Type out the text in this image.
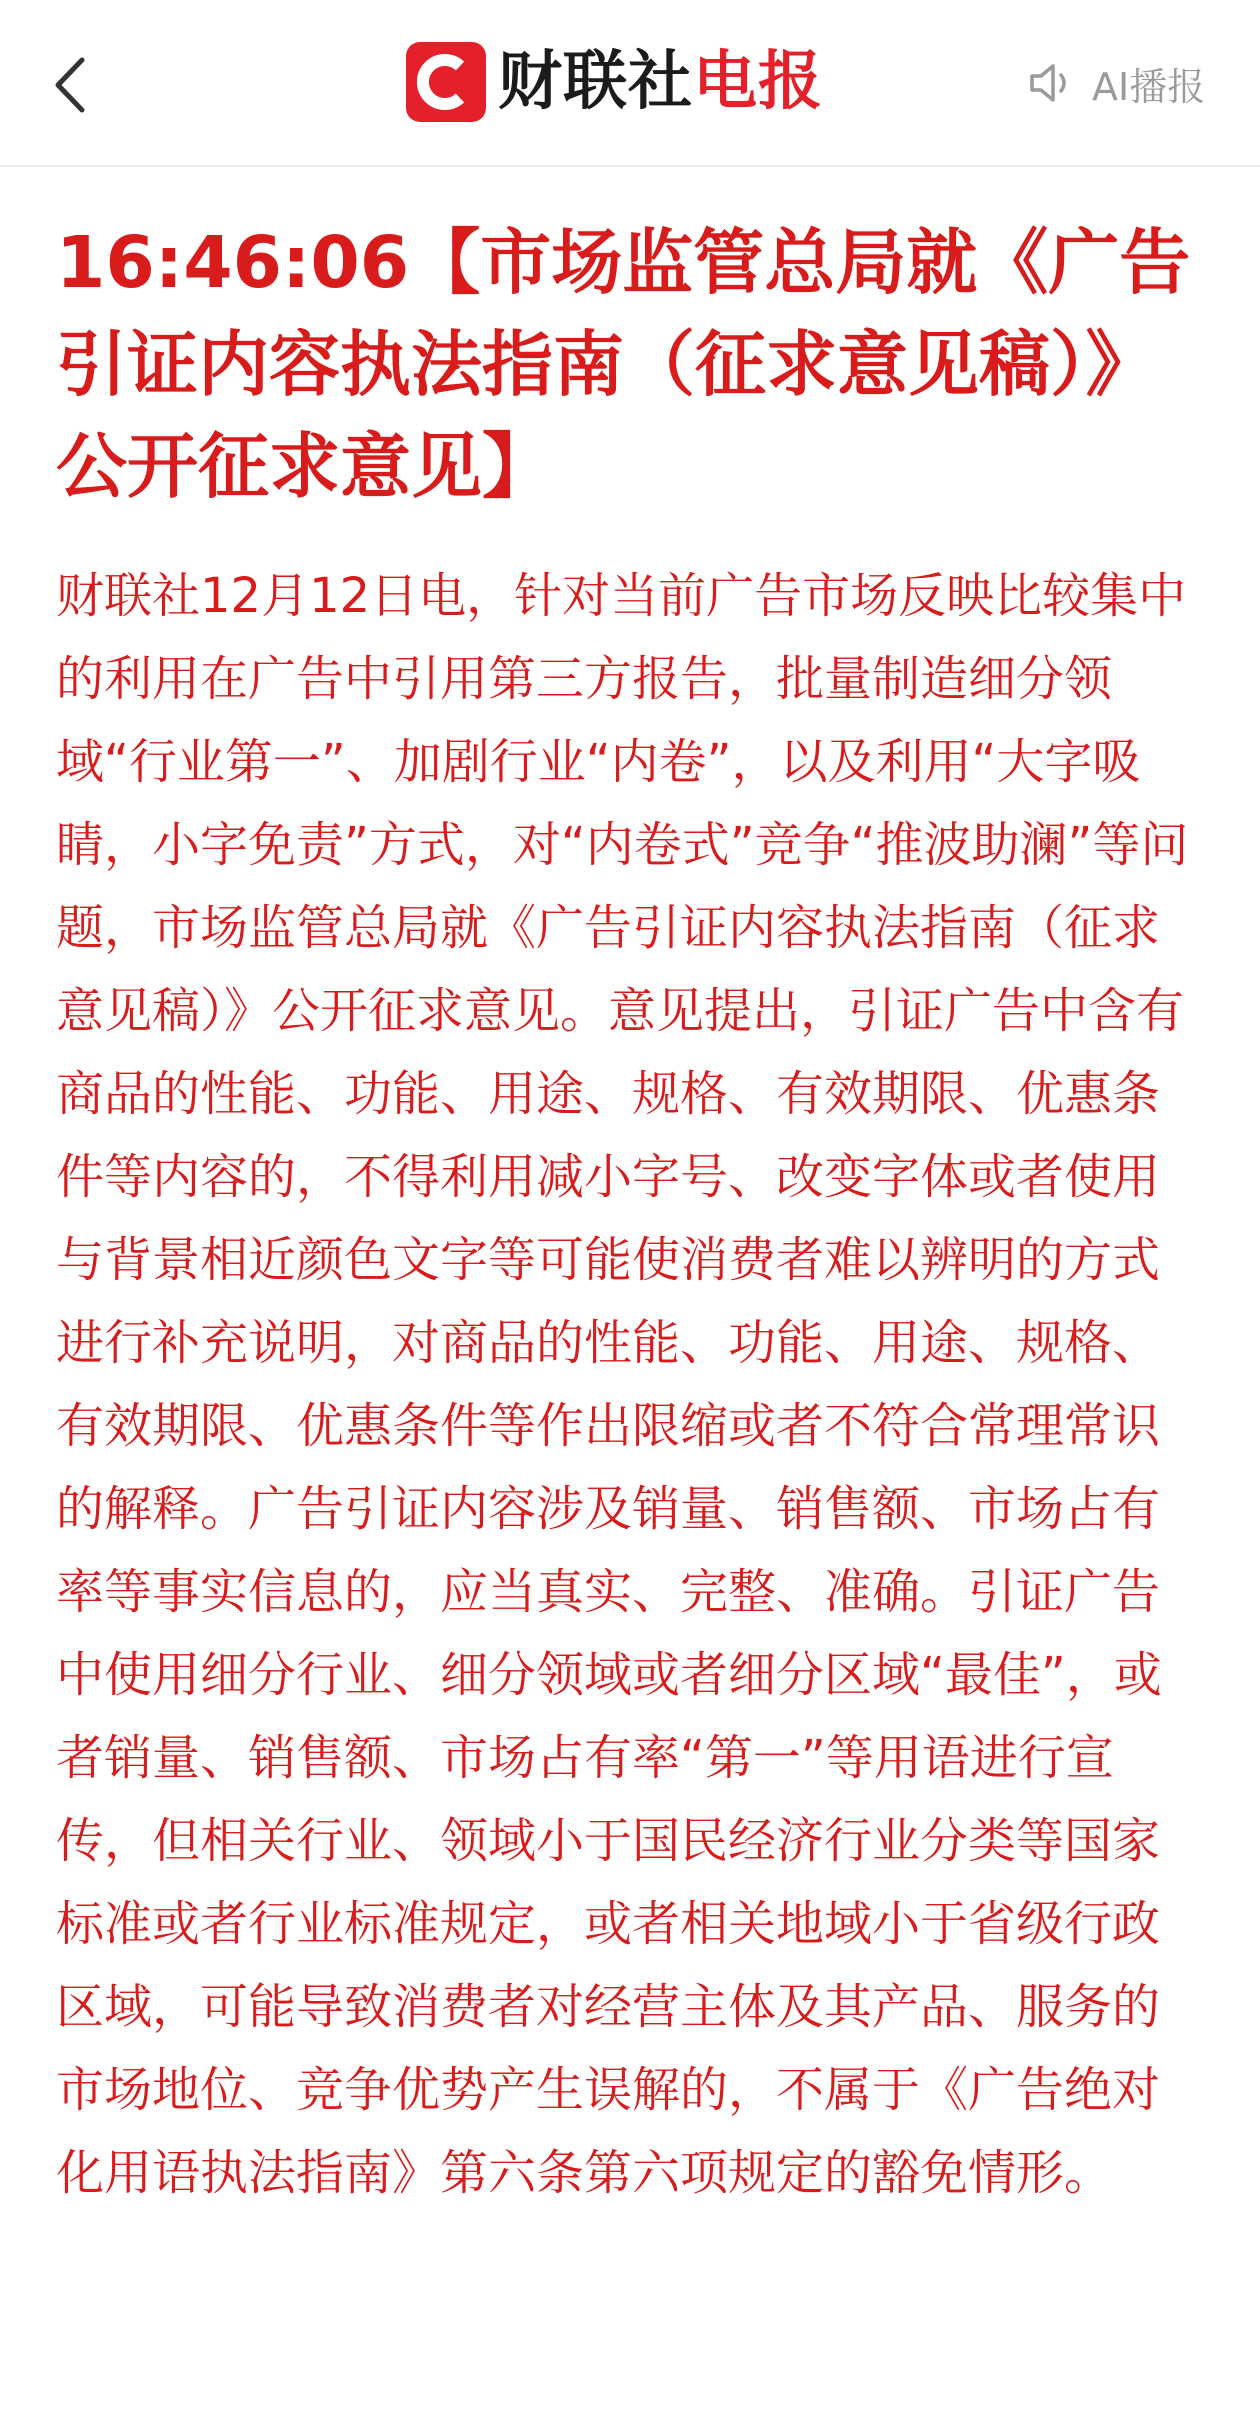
财联社电报	AI播报
16:46:06【市场监管总局就《广告引证内容执法指南（征求意见稿）》公开征求意见】

财联社12月12日电，针对当前广告市场反映比较集中的利用在广告中引用第三方报告，批量制造细分领域“行业第一”、加剧行业“内卷”，以及利用“大字吸睛，小字免责”方式，对“内卷式”竞争“推波助澜”等问题，市场监管总局就《广告引证内容执法指南（征求意见稿）》公开征求意见。意见提出，引证广告中含有商品的性能、功能、用途、规格、有效期限、优惠条件等内容的，不得利用减小字号、改变字体或者使用与背景相近颜色文字等可能使消费者难以辨明的方式进行补充说明，对商品的性能、功能、用途、规格、有效期限、优惠条件等作出限缩或者不符合常理常识的解释。广告引证内容涉及销量、销售额、市场占有率等事实信息的，应当真实、完整、准确。引证广告中使用细分行业、细分领域或者细分区域“最佳”，或者销量、销售额、市场占有率“第一”等用语进行宣传，但相关行业、领域小于国民经济行业分类等国家标准或者行业标准规定，或者相关地域小于省级行政区域，可能导致消费者对经营主体及其产品、服务的市场地位、竞争优势产生误解的，不属于《广告绝对化用语执法指南》第六条第六项规定的豁免情形。
